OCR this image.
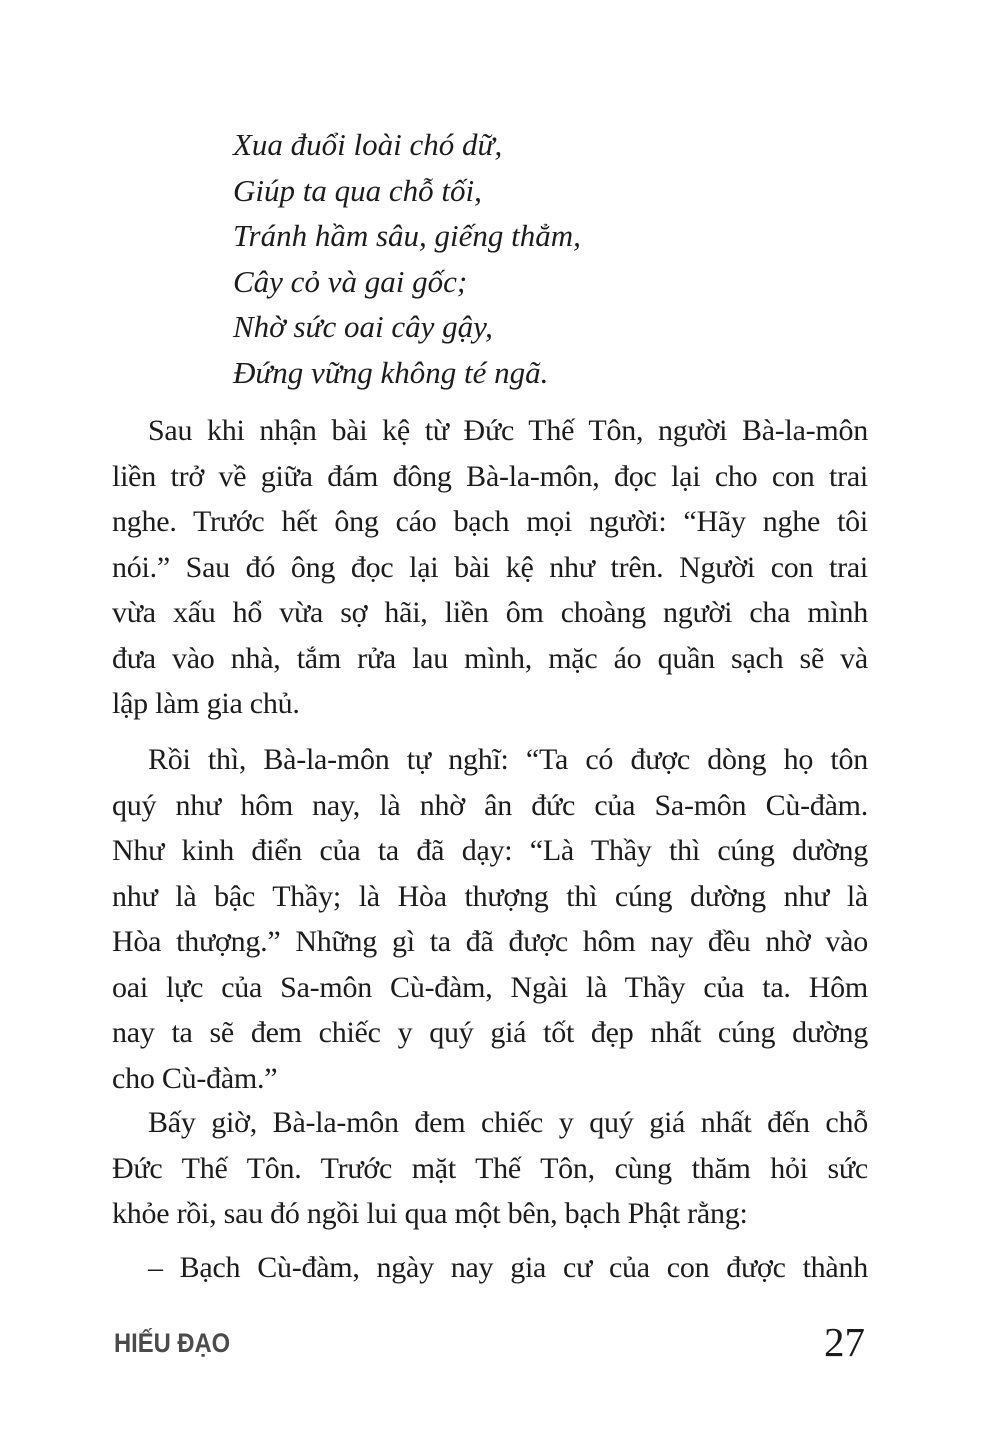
Xua đuổi loài chó dữ,
Giúp ta qua chỗ tối,
Tránh hầm sâu, giếng thẳm,
Cây cỏ và gai gốc;
Nhờ sức oai cây gậy,
Đứng vững không té ngã.
Sau khi nhận bài kệ từ Đức Thế Tôn, người Bà-la-môn
liền trở về giữa đám đông Bà-la-môn, đọc lại cho con trai
nghe. Trước hết ông cáo bạch mọi người: “Hãy nghe tôi
nói.” Sau đó ông đọc lại bài kệ như trên. Người con trai
vừa xấu hổ vừa sợ hãi, liền ôm choàng người cha mình
đưa vào nhà, tắm rửa lau mình, mặc áo quần sạch sẽ và
lập làm gia chủ.
Rồi thì, Bà-la-môn tự nghĩ: “Ta có được dòng họ tôn
quý như hôm nay, là nhờ ân đức của Sa-môn Cù-đàm.
Như kinh điển của ta đã dạy: “Là Thầy thì cúng dường
như là bậc Thầy; là Hòa thượng thì cúng dường như là
Hòa thượng.” Những gì ta đã được hôm nay đều nhờ vào
oai lực của Sa-môn Cù-đàm, Ngài là Thầy của ta. Hôm
nay ta sẽ đem chiếc y quý giá tốt đẹp nhất cúng dường
cho Cù-đàm.”
Bấy giờ, Bà-la-môn đem chiếc y quý giá nhất đến chỗ
Đức Thế Tôn. Trước mặt Thế Tôn, cùng thăm hỏi sức
khỏe rồi, sau đó ngồi lui qua một bên, bạch Phật rằng:
– Bạch Cù-đàm, ngày nay gia cư của con được thành
HIẾU ĐẠO	27
